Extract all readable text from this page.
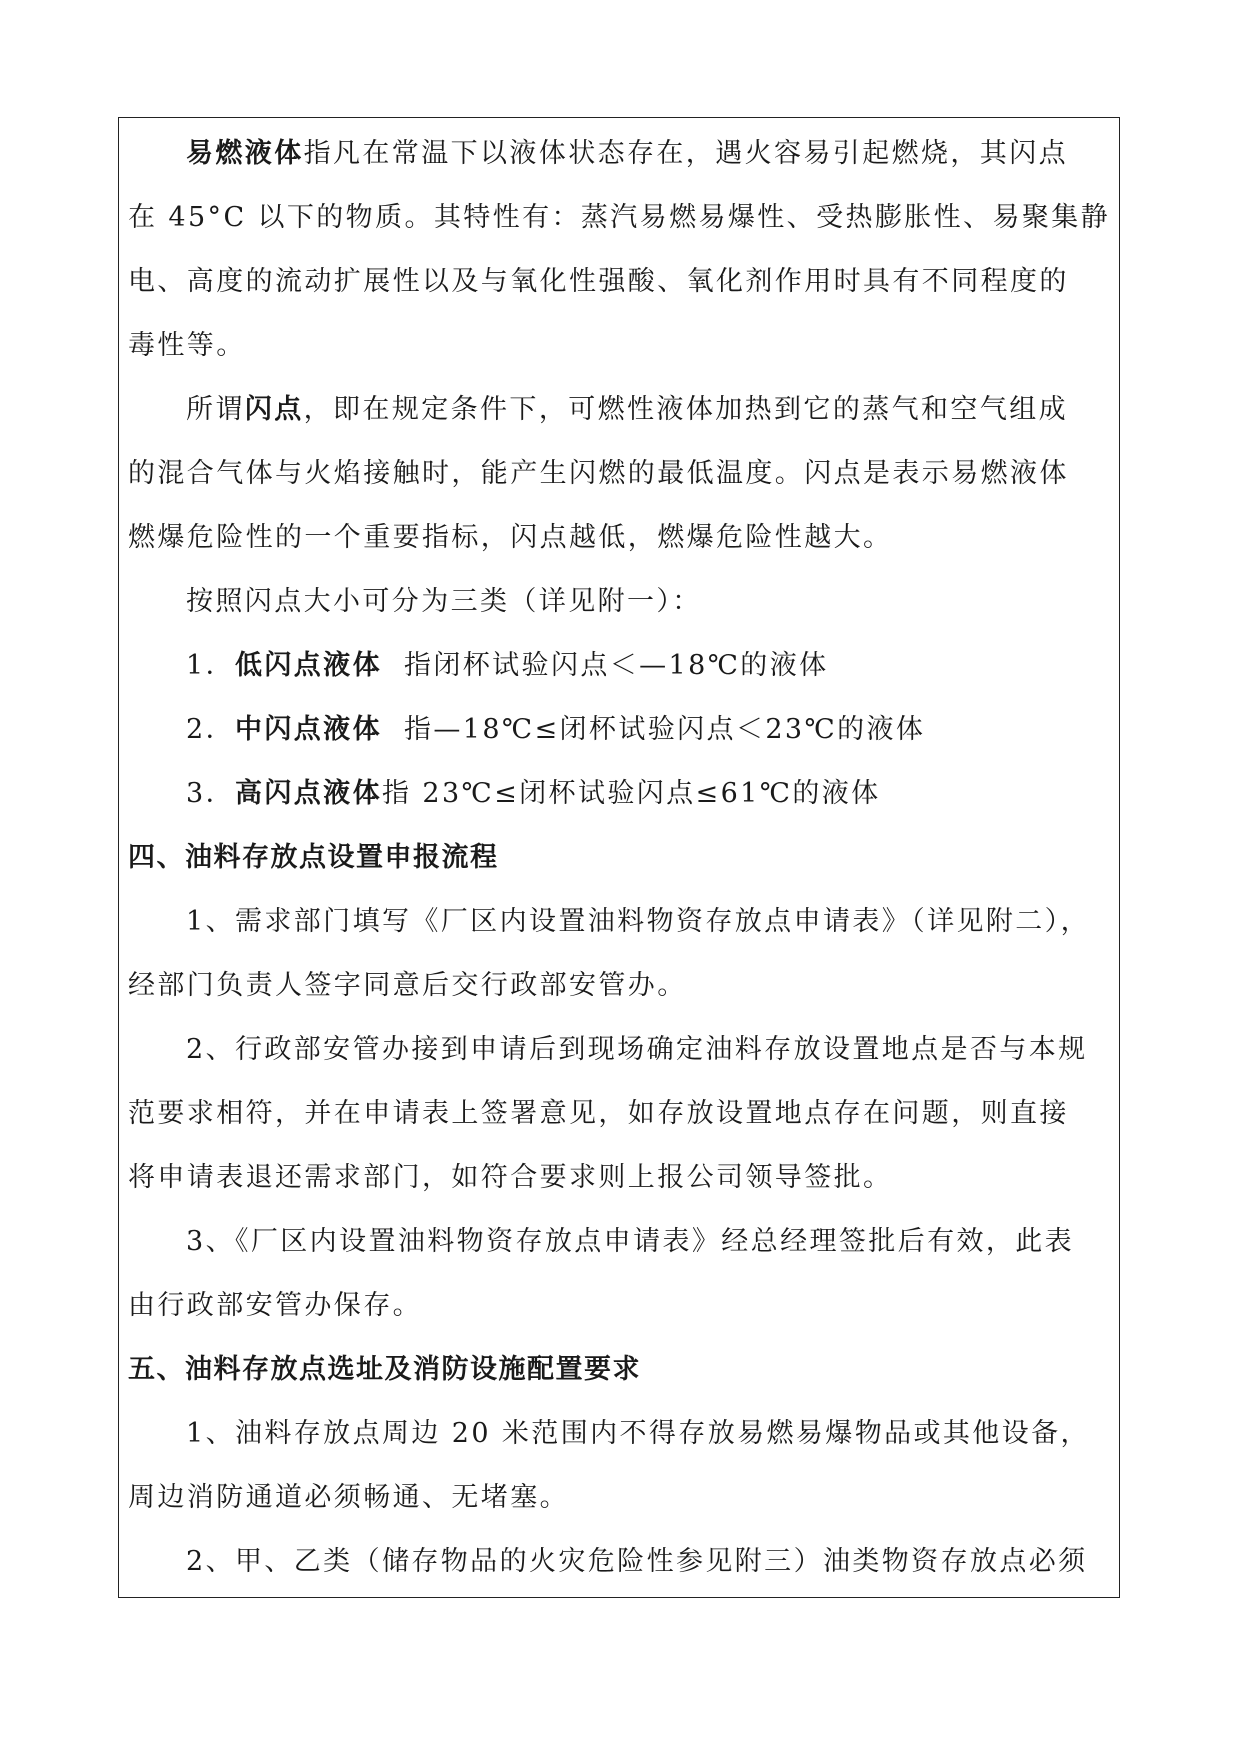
易燃液体指凡在常温下以液体状态存在，遇火容易引起燃烧，其闪点
在 45°C 以下的物质。其特性有：蒸汽易燃易爆性、受热膨胀性、易聚集静
电、高度的流动扩展性以及与氧化性强酸、氧化剂作用时具有不同程度的
毒性等。
所谓闪点，即在规定条件下，可燃性液体加热到它的蒸气和空气组成
的混合气体与火焰接触时，能产生闪燃的最低温度。闪点是表示易燃液体
燃爆危险性的一个重要指标，闪点越低，燃爆危险性越大。
按照闪点大小可分为三类（详见附一）：
1．低闪点液体  指闭杯试验闪点＜—18℃的液体
2．中闪点液体  指—18℃≤闭杯试验闪点＜23℃的液体
3．高闪点液体指 23℃≤闭杯试验闪点≤61℃的液体
四、油料存放点设置申报流程
1、需求部门填写《厂区内设置油料物资存放点申请表》（详见附二），
经部门负责人签字同意后交行政部安管办。
2、行政部安管办接到申请后到现场确定油料存放设置地点是否与本规
范要求相符，并在申请表上签署意见，如存放设置地点存在问题，则直接
将申请表退还需求部门，如符合要求则上报公司领导签批。
3、《厂区内设置油料物资存放点申请表》经总经理签批后有效，此表
由行政部安管办保存。
五、油料存放点选址及消防设施配置要求
1、油料存放点周边 20 米范围内不得存放易燃易爆物品或其他设备，
周边消防通道必须畅通、无堵塞。
2、甲、乙类（储存物品的火灾危险性参见附三）油类物资存放点必须
